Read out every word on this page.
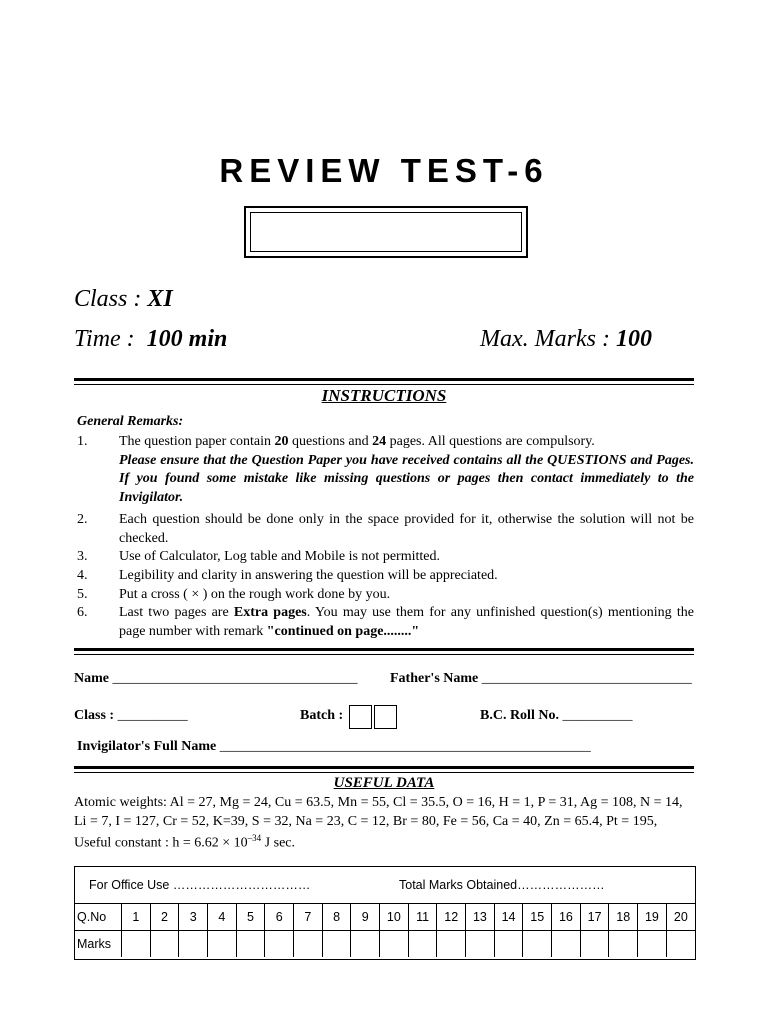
REVIEW TEST-6
Class : XI
Time : 100 min	Max. Marks : 100
INSTRUCTIONS
General Remarks:
1. The question paper contain 20 questions and 24 pages. All questions are compulsory.
Please ensure that the Question Paper you have received contains all the QUESTIONS and Pages. If you found some mistake like missing questions or pages then contact immediately to the Invigilator.
2. Each question should be done only in the space provided for it, otherwise the solution will not be checked.
3. Use of Calculator, Log table and Mobile is not permitted.
4. Legibility and clarity in answering the question will be appreciated.
5. Put a cross ( × ) on the rough work done by you.
6. Last two pages are Extra pages. You may use them for any unfinished question(s) mentioning the page number with remark "continued on page........"
Name ___________________________________ Father's Name ______________________________
Class : __________	Batch :	B.C. Roll No. __________
Invigilator's Full Name _____________________________________________________
USEFUL DATA
Atomic weights: Al = 27, Mg = 24, Cu = 63.5, Mn = 55, Cl = 35.5, O = 16, H = 1, P = 31, Ag = 108, N = 14,
Li = 7, I = 127, Cr = 52, K=39, S = 32, Na = 23, C = 12, Br = 80, Fe = 56, Ca = 40, Zn = 65.4, Pt = 195,
Useful constant : $h = 6.62 \times 10^{-34}$ J sec.
For Office Use ……………………………	Total Marks Obtained…………………
Q.No	1	2	3	4	5	6	7	8	9	10	11	12	13	14	15	16	17	18	19	20
Marks																				
